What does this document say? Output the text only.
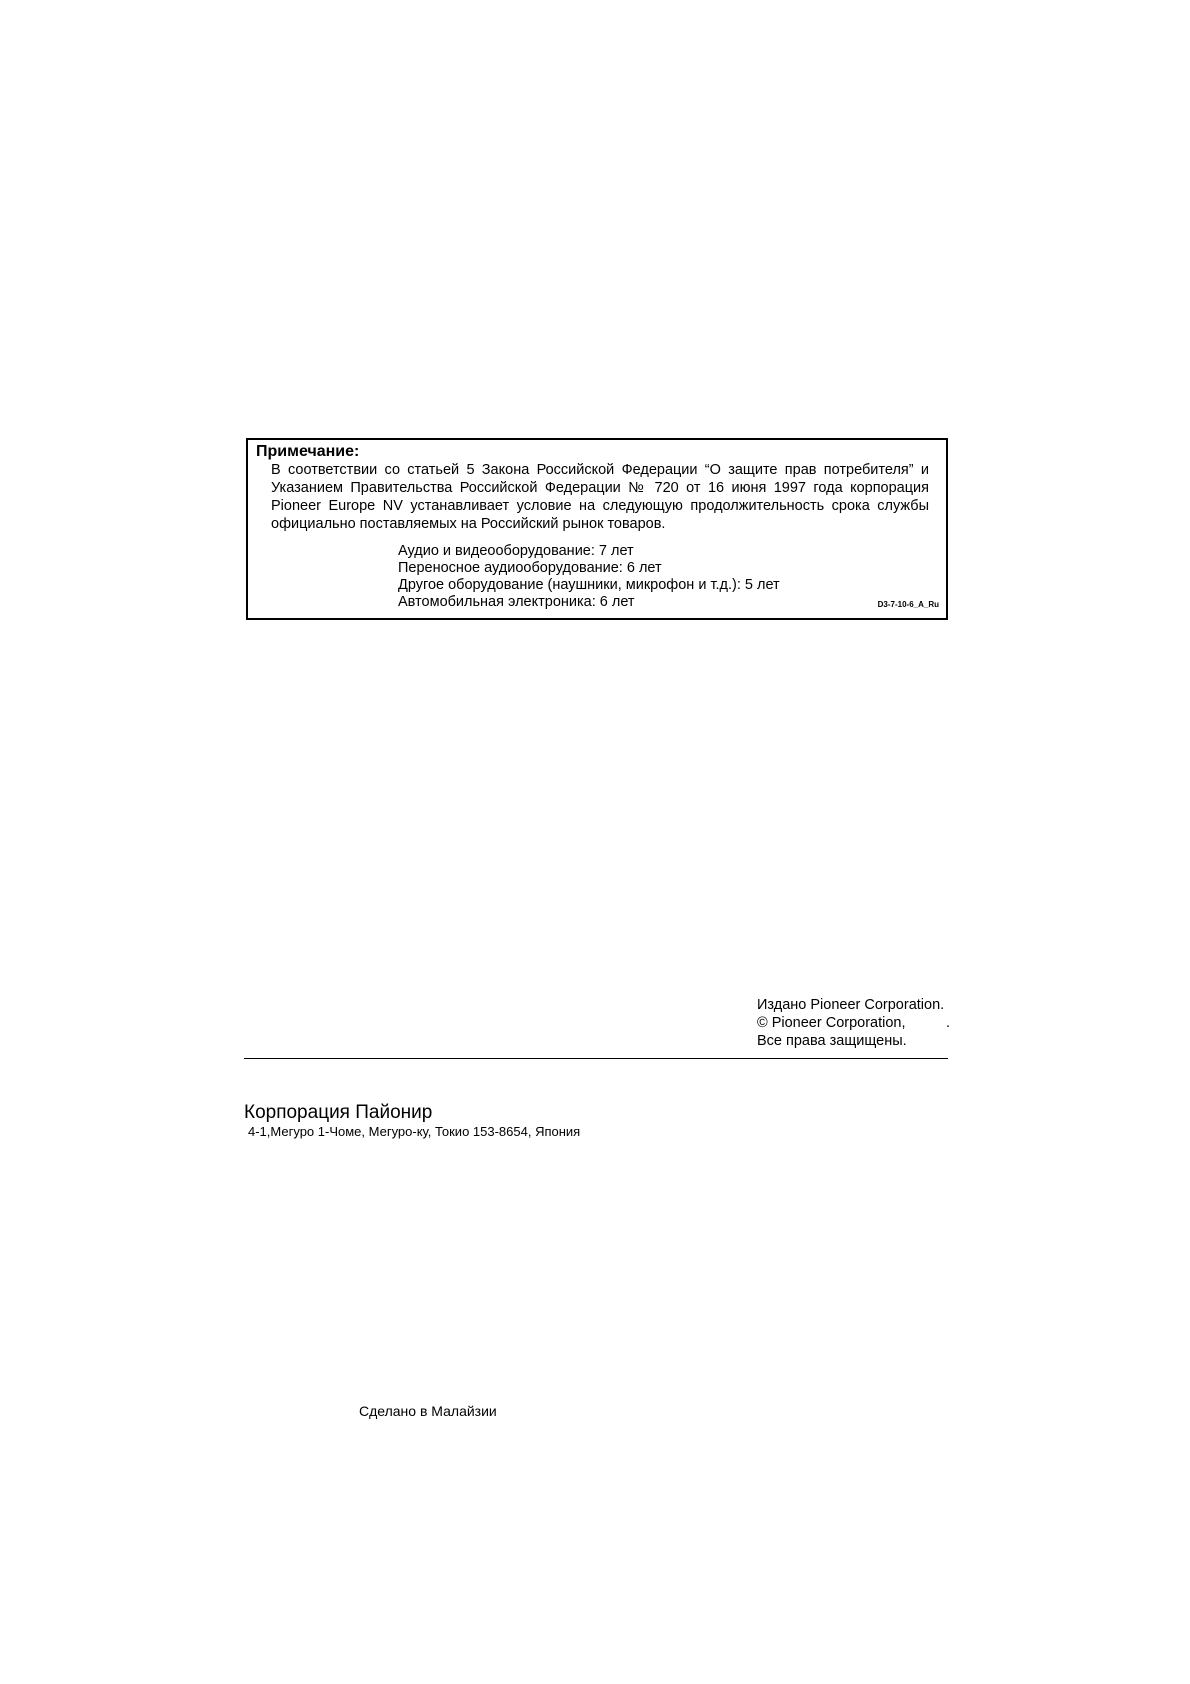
Примечание:
В соответствии со статьей 5 Закона Российской Федерации “О защите прав потребителя” и
Указанием Правительства Российской Федерации № 720 от 16 июня 1997 года корпорация
Pioneer Europe NV устанавливает условие на следующую продолжительность срока службы
официально поставляемых на Российский рынок товаров.
Аудио и видеооборудование: 7 лет
Переносное аудиооборудование: 6 лет
Другое оборудование (наушники, микрофон и т.д.): 5 лет
Автомобильная электроника: 6 лет	D3-7-10-6_A_Ru
Издано Pioneer Corporation.
© Pioneer Corporation,
Все права защищены.
.
Корпорация Пайонир
4-1,Мегуро 1-Чоме, Мегуро-ку, Токио 153-8654, Япония
Сделано в Малайзии
